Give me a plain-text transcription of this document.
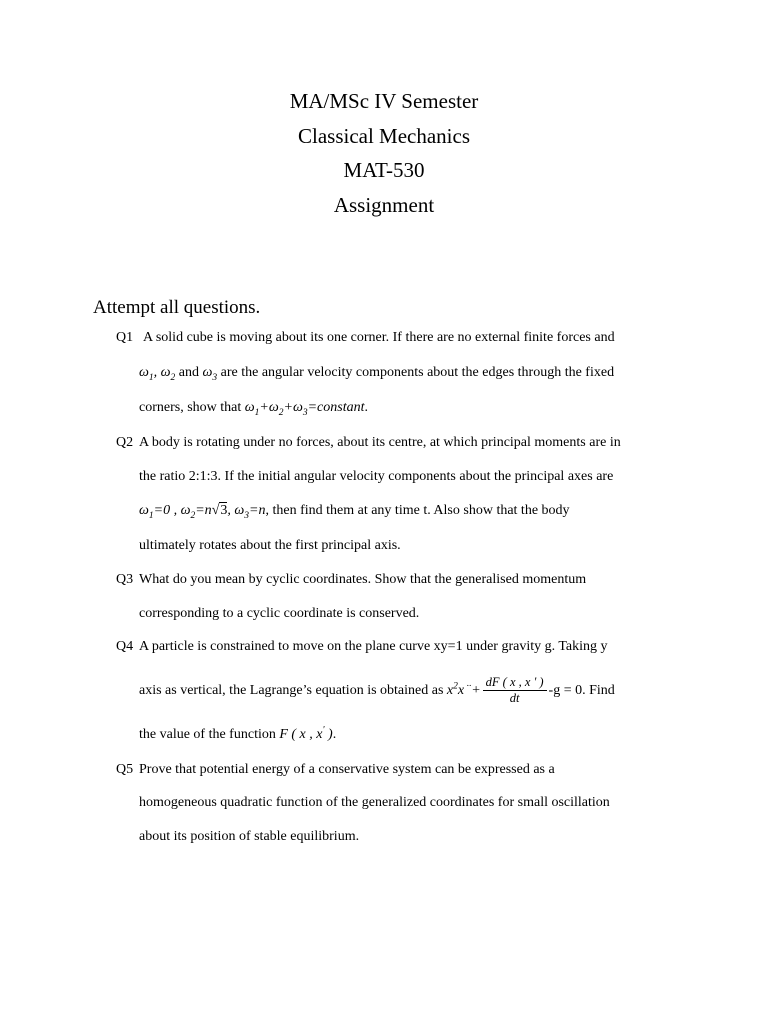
MA/MSc IV Semester
Classical Mechanics
MAT-530
Assignment
Attempt all questions.
Q1 A solid cube is moving about its one corner. If there are no external finite forces and
$\omega_1$, $\omega_2$ and $\omega_3$ are the angular velocity components about the edges through the fixed
corners, show that $\omega_1+\omega_2+\omega_3=constant$.
Q2 A body is rotating under no forces, about its centre, at which principal moments are in
the ratio 2:1:3. If the initial angular velocity components about the principal axes are
$\omega_1=0$ , $\omega_2=n√3$, $\omega_3=n$, then find them at any time t. Also show that the body
ultimately rotates about the first principal axis.
Q3 What do you mean by cyclic coordinates. Show that the generalised momentum
corresponding to a cyclic coordinate is conserved.
Q4 A particle is constrained to move on the plane curve xy=1 under gravity g. Taking y
axis as vertical, the Lagrange’s equation is obtained as $x^2x$ $^{\cdot\cdot}+ \frac{dF ( x , x ' )}{dt} -g = 0$. Find
the value of the function F ( x , x' ).
Q5 Prove that potential energy of a conservative system can be expressed as a
homogeneous quadratic function of the generalized coordinates for small oscillation
about its position of stable equilibrium.
